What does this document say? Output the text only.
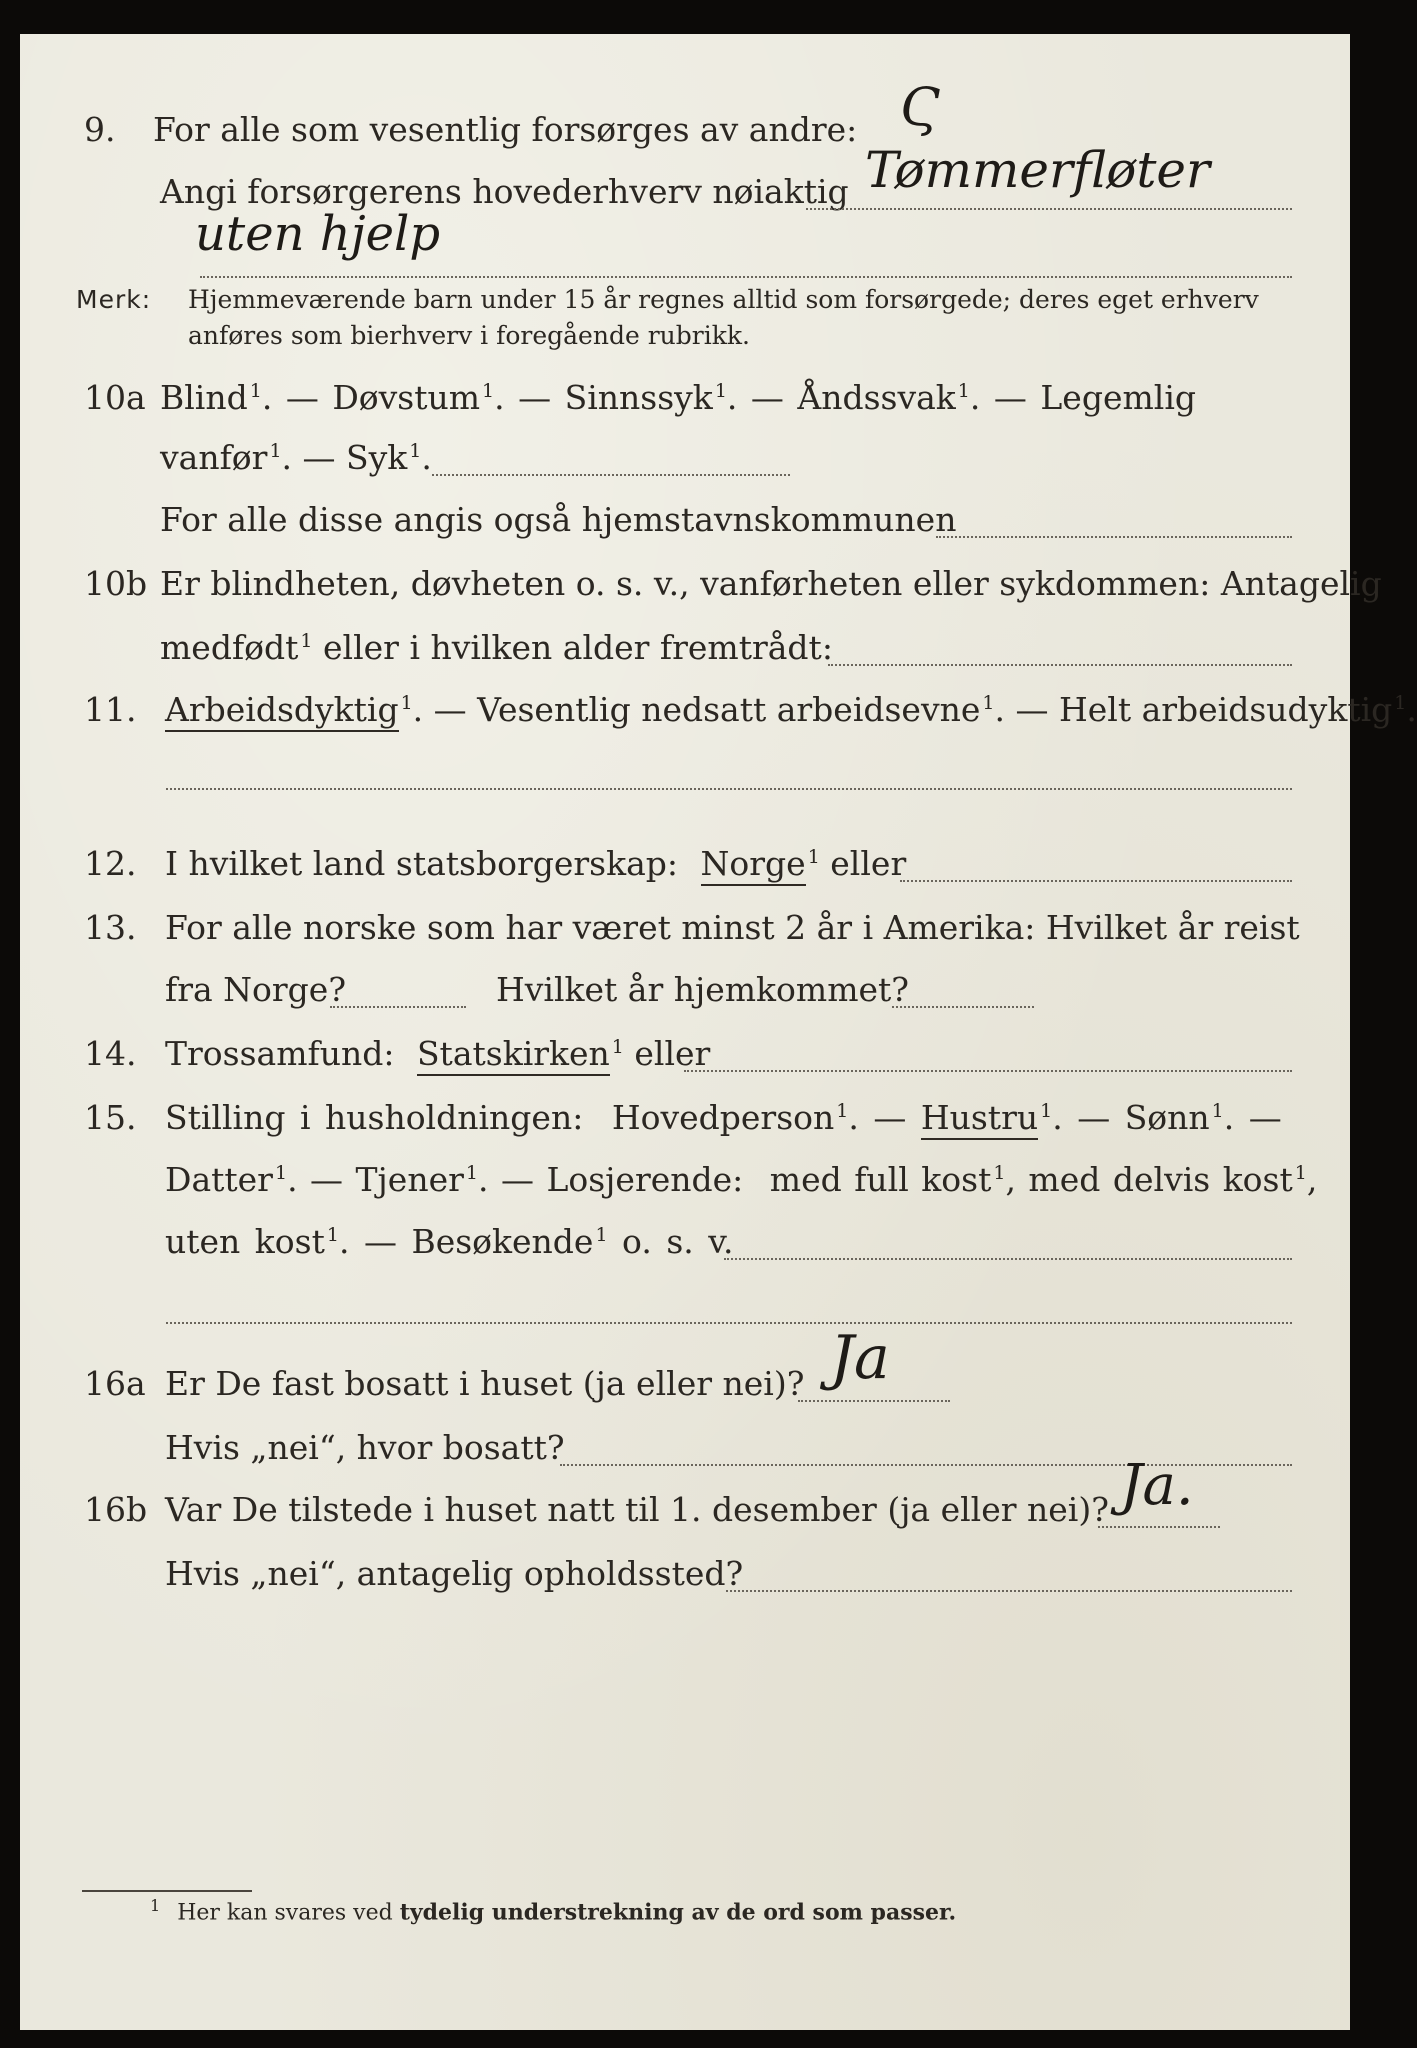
9. For alle som vesentlig forsørges av andre: Ϛ
Angi forsørgerens hovederhverv nøiaktig Tømmerfløter
uten hjelp
Merk: Hjemmeværende barn under 15 år regnes alltid som forsørgede; deres eget erhverv
anføres som bierhverv i foregående rubrikk.
10a Blind $^1$. — Døvstum $^1$. — Sinnssyk $^1$. — Åndssvak $^1$. — Legemlig
vanfør $^1$. — Syk $^1$.
For alle disse angis også hjemstavnskommunen
10b Er blindheten, døvheten o. s. v., vanførheten eller sykdommen: Antagelig
medfødt $^1$ eller i hvilken alder fremtrådt:
11. Arbeidsdyktig $^1$. — Vesentlig nedsatt arbeidsevne $^1$. — Helt arbeidsudyktig $^1$.
12. I hvilket land statsborgerskap: Norge $^1$ eller
13. For alle norske som har været minst 2 år i Amerika: Hvilket år reist
fra Norge?	Hvilket år hjemkommet?
14. Trossamfund: Statskirken $^1$ eller
15. Stilling i husholdningen: Hovedperson $^1$. — Hustru $^1$. — Sønn $^1$. —
Datter $^1$. — Tjener $^1$. — Losjerende: med full kost $^1$, med delvis kost $^1$,
uten kost $^1$. — Besøkende $^1$ o. s. v.
16a Er De fast bosatt i huset (ja eller nei)? Ja
Hvis „nei“, hvor bosatt?
16b Var De tilstede i huset natt til 1. desember (ja eller nei)? Ja.
Hvis „nei“, antagelig opholdssted?
$^1$ Her kan svares ved tydelig understrekning av de ord som passer.
